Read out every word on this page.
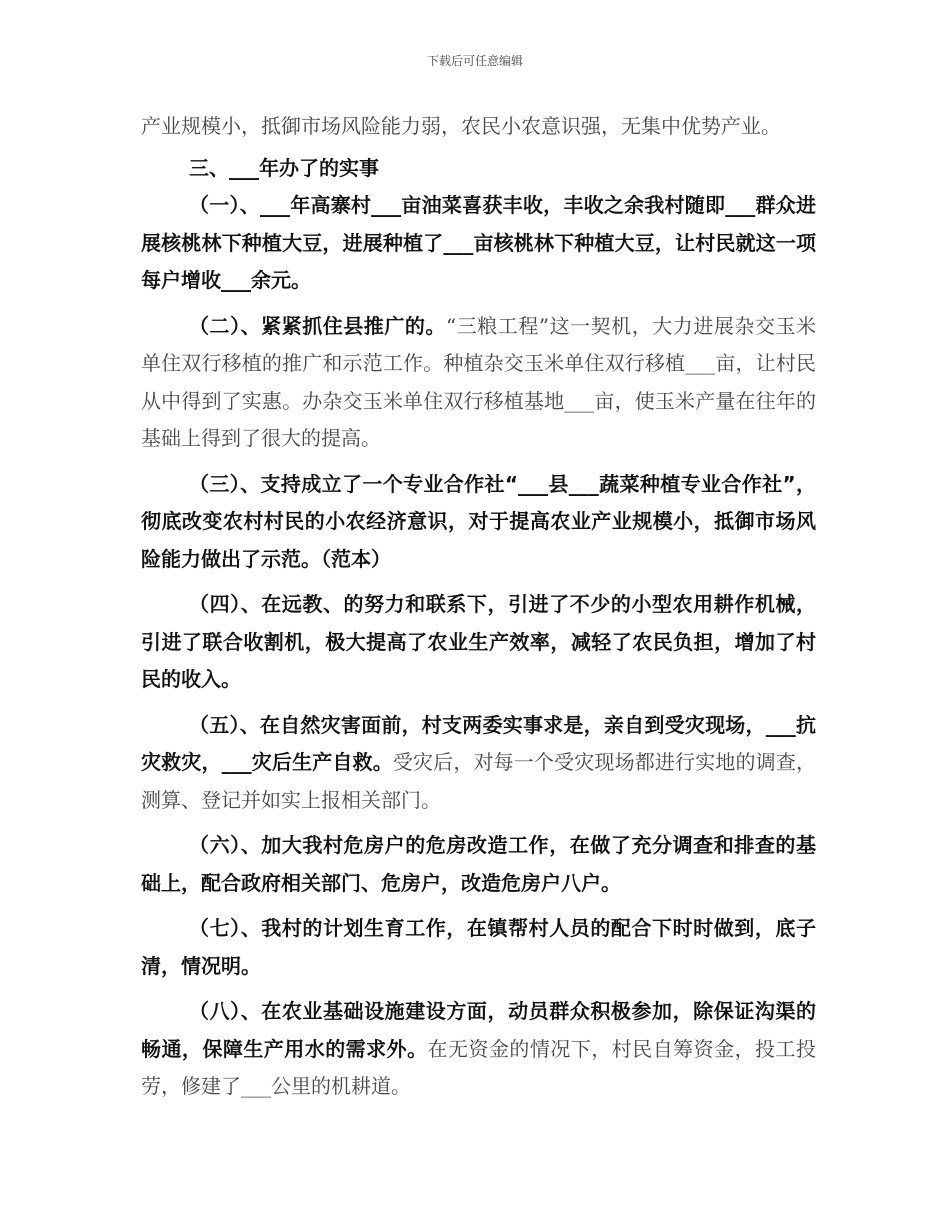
下载后可任意编辑

产业规模小，抵御市场风险能力弱，农民小农意识强，无集中优势产业。

三、___年办了的实事

（一）、___年高寨村___亩油菜喜获丰收，丰收之余我村随即___群众进展核桃林下种植大豆，进展种植了___亩核桃林下种植大豆，让村民就这一项每户增收___余元。

（二）、紧紧抓住县推广的。“三粮工程”这一契机，大力进展杂交玉米单住双行移植的推广和示范工作。种植杂交玉米单住双行移植___亩，让村民从中得到了实惠。办杂交玉米单住双行移植基地___亩，使玉米产量在往年的基础上得到了很大的提高。

（三）、支持成立了一个专业合作社“___县___蔬菜种植专业合作社”，彻底改变农村村民的小农经济意识，对于提高农业产业规模小，抵御市场风险能力做出了示范。（范本）

（四）、在远教、的努力和联系下，引进了不少的小型农用耕作机械，引进了联合收割机，极大提高了农业生产效率，减轻了农民负担，增加了村民的收入。

（五）、在自然灾害面前，村支两委实事求是，亲自到受灾现场，___抗灾救灾，___灾后生产自救。受灾后，对每一个受灾现场都进行实地的调查，测算、登记并如实上报相关部门。

（六）、加大我村危房户的危房改造工作，在做了充分调查和排查的基础上，配合政府相关部门、危房户，改造危房户八户。

（七）、我村的计划生育工作，在镇帮村人员的配合下时时做到，底子清，情况明。

（八）、在农业基础设施建设方面，动员群众积极参加，除保证沟渠的畅通，保障生产用水的需求外。在无资金的情况下，村民自筹资金，投工投劳，修建了___公里的机耕道。
